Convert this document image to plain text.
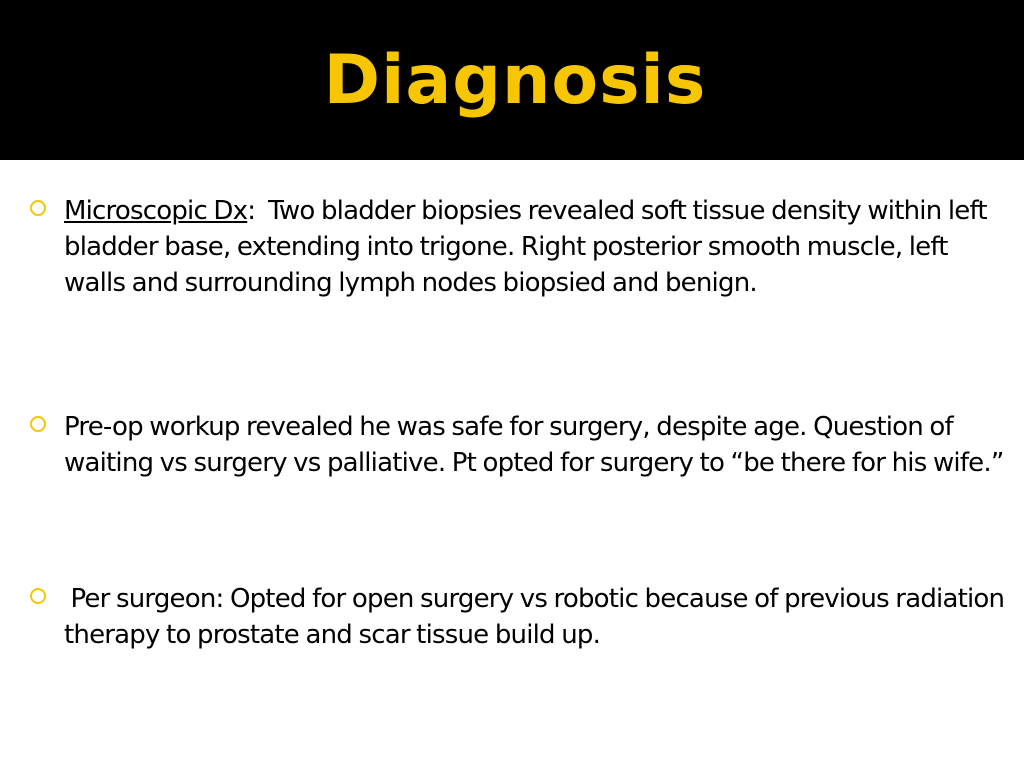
Diagnosis
Microscopic Dx:  Two bladder biopsies revealed soft tissue density within left bladder base, extending into trigone. Right posterior smooth muscle, left walls and surrounding lymph nodes biopsied and benign.
Pre-op workup revealed he was safe for surgery, despite age. Question of waiting vs surgery vs palliative. Pt opted for surgery to “be there for his wife.”
Per surgeon: Opted for open surgery vs robotic because of previous radiation therapy to prostate and scar tissue build up.
